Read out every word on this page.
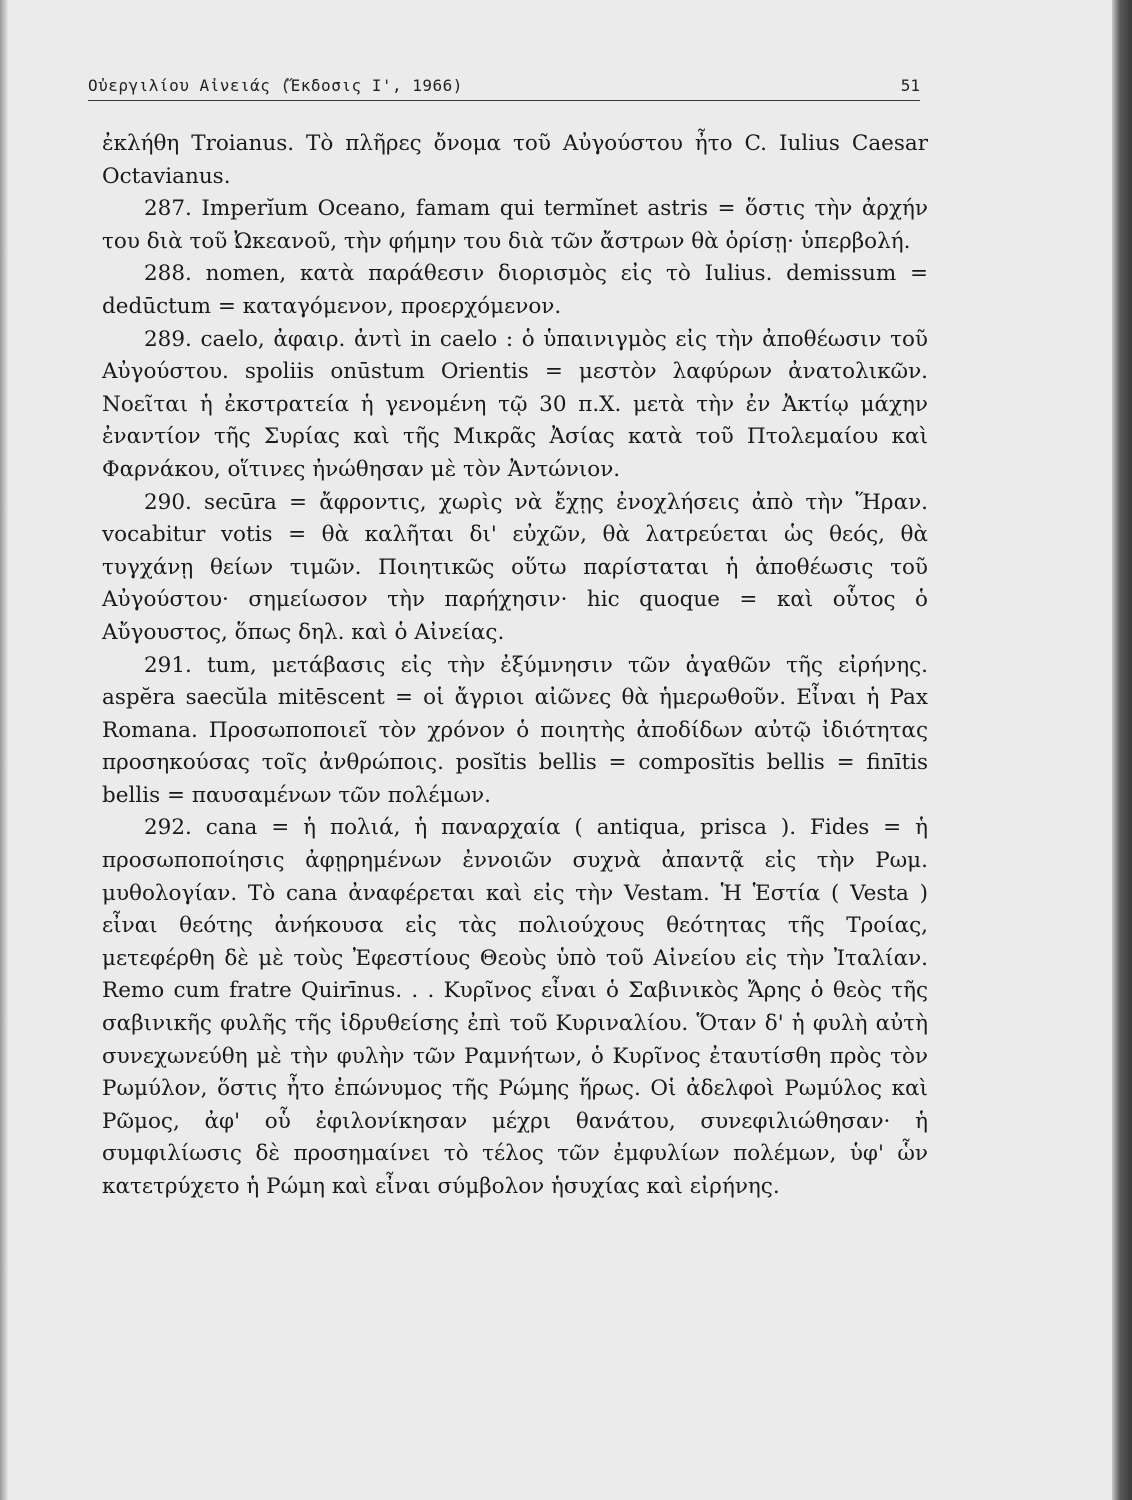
Οὐεργιλίου Αἰνειάς (Ἔκδοσις Ι', 1966)	51

ἐκλήθη Troianus. Τὸ πλῆρες ὄνομα τοῦ Αὐγούστου ἦτο C. Iulius Caesar Octavianus.

287. Imperĭum Oceano, famam qui termĭnet astris = ὅστις τὴν ἀρχήν του διὰ τοῦ Ὠκεανοῦ, τὴν φήμην του διὰ τῶν ἄστρων θὰ ὁρίσῃ· ὑπερβολή.

288. nomen, κατὰ παράθεσιν διορισμὸς εἰς τὸ Iulius. demissum = dedūctum = καταγόμενον, προερχόμενον.

289. caelo, ἀφαιρ. ἀντὶ in caelo : ὁ ὑπαινιγμὸς εἰς τὴν ἀποθέωσιν τοῦ Αὐγούστου. spoliis onūstum Orientis = μεστὸν λαφύρων ἀνατολικῶν. Νοεῖται ἡ ἐκστρατεία ἡ γενομένη τῷ 30 π.Χ. μετὰ τὴν ἐν Ἀκτίῳ μάχην ἐναντίον τῆς Συρίας καὶ τῆς Μικρᾶς Ἀσίας κατὰ τοῦ Πτολεμαίου καὶ Φαρνάκου, οἵτινες ἠνώθησαν μὲ τὸν Ἀντώνιον.

290. secūra = ἄφροντις, χωρὶς νὰ ἔχῃς ἐνοχλήσεις ἀπὸ τὴν Ἥραν. vocabitur votis = θὰ καλῆται δι' εὐχῶν, θὰ λατρεύεται ὡς θεός, θὰ τυγχάνῃ θείων τιμῶν. Ποιητικῶς οὕτω παρίσταται ἡ ἀποθέωσις τοῦ Αὐγούστου· σημείωσον τὴν παρήχησιν· hic quoque = καὶ οὗτος ὁ Αὔγουστος, ὅπως δηλ. καὶ ὁ Αἰνείας.

291. tum, μετάβασις εἰς τὴν ἐξύμνησιν τῶν ἀγαθῶν τῆς εἰρήνης. aspĕra saecŭla mitēscent = οἱ ἄγριοι αἰῶνες θὰ ἡμερωθοῦν. Εἶναι ἡ Pax Romana. Προσωποποιεῖ τὸν χρόνον ὁ ποιητὴς ἀποδίδων αὐτῷ ἰδιότητας προσηκούσας τοῖς ἀνθρώποις. posĭtis bellis = composĭtis bellis = finītis bellis = παυσαμένων τῶν πολέμων.

292. cana = ἡ πολιά, ἡ παναρχαία ( antiqua, prisca ). Fides = ἡ προσωποποίησις ἀφῃρημένων ἐννοιῶν συχνὰ ἀπαντᾷ εἰς τὴν Ρωμ. μυθολογίαν. Τὸ cana ἀναφέρεται καὶ εἰς τὴν Vestam. Ἡ Ἑστία ( Vesta ) εἶναι θεότης ἀνήκουσα εἰς τὰς πολιούχους θεότητας τῆς Τροίας, μετεφέρθη δὲ μὲ τοὺς Ἐφεστίους Θεοὺς ὑπὸ τοῦ Αἰνείου εἰς τὴν Ἰταλίαν. Remo cum fratre Quirīnus. . . Κυρῖνος εἶναι ὁ Σαβινικὸς Ἄρης ὁ θεὸς τῆς σαβινικῆς φυλῆς τῆς ἱδρυθείσης ἐπὶ τοῦ Κυριναλίου. Ὅταν δ' ἡ φυλὴ αὐτὴ συνεχωνεύθη μὲ τὴν φυλὴν τῶν Ραμνήτων, ὁ Κυρῖνος ἐταυτίσθη πρὸς τὸν Ρωμύλον, ὅστις ἦτο ἐπώνυμος τῆς Ρώμης ἥρως. Οἱ ἀδελφοὶ Ρωμύλος καὶ Ρῶμος, ἀφ' οὗ ἐφιλονίκησαν μέχρι θανάτου, συνεφιλιώθησαν· ἡ συμφιλίωσις δὲ προσημαίνει τὸ τέλος τῶν ἐμφυλίων πολέμων, ὑφ' ὧν κατετρύχετο ἡ Ρώμη καὶ εἶναι σύμβολον ἡσυχίας καὶ εἰρήνης.
